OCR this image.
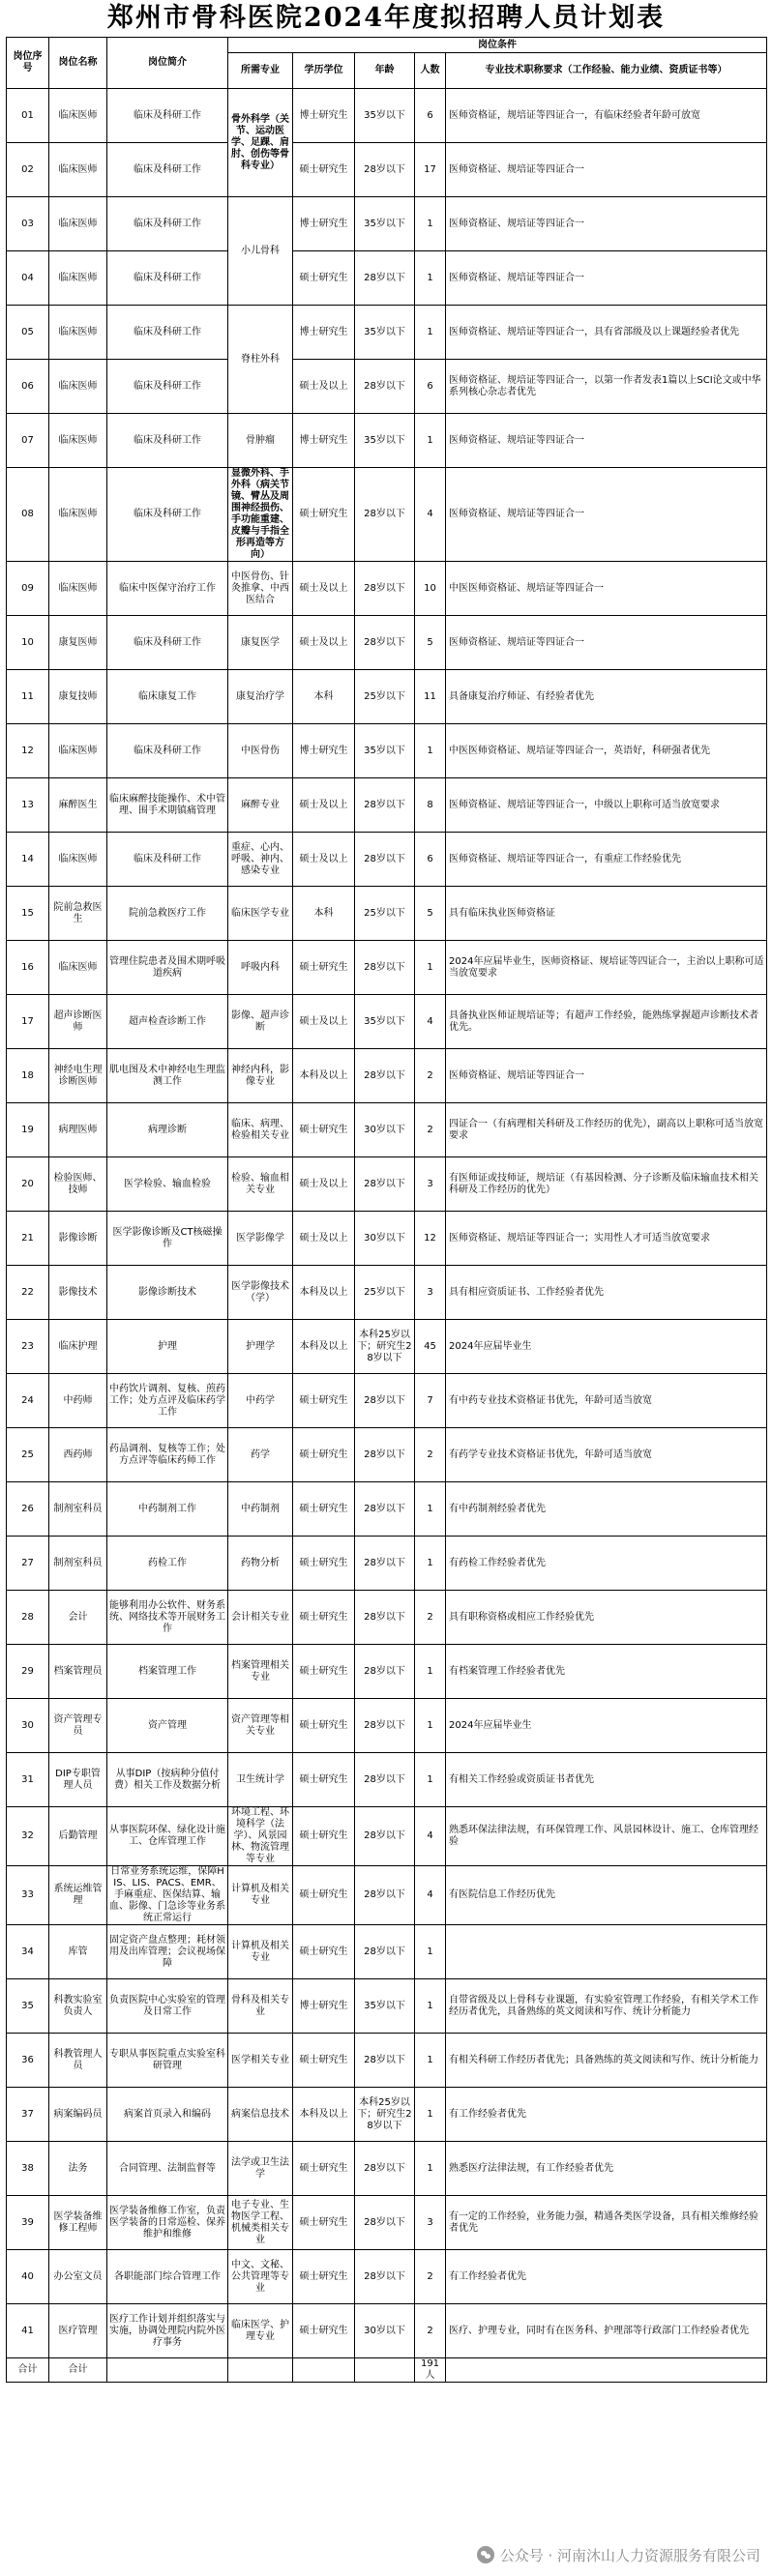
郑州市骨科医院2024年度拟招聘人员计划表
岗位序号	岗位名称	岗位简介	岗位条件				
			所需专业	学历学位	年龄	人数	专业技术职称要求（工作经验、能力业绩、资质证书等）
01	临床医师	临床及科研工作	骨外科学（关节、运动医学、足踝、肩肘、创伤等骨科专业）	博士研究生	35岁以下	6	医师资格证，规培证等四证合一，有临床经验者年龄可放宽
02	临床医师	临床及科研工作		硕士研究生	28岁以下	17	医师资格证、规培证等四证合一
03	临床医师	临床及科研工作	小儿骨科	博士研究生	35岁以下	1	医师资格证、规培证等四证合一
04	临床医师	临床及科研工作		硕士研究生	28岁以下	1	医师资格证、规培证等四证合一
05	临床医师	临床及科研工作	脊柱外科	博士研究生	35岁以下	1	医师资格证、规培证等四证合一，具有省部级及以上课题经验者优先
06	临床医师	临床及科研工作		硕士及以上	28岁以下	6	医师资格证、规培证等四证合一，以第一作者发表1篇以上SCI论文或中华系列核心杂志者优先
07	临床医师	临床及科研工作	骨肿瘤	博士研究生	35岁以下	1	医师资格证、规培证等四证合一
08	临床医师	临床及科研工作	显微外科、手外科（病关节镜、臂丛及周围神经损伤、手功能重建、皮瓣与手指全形再造等方向）	硕士研究生	28岁以下	4	医师资格证、规培证等四证合一
09	临床医师	临床中医保守治疗工作	中医骨伤、针灸推拿、中西医结合	硕士及以上	28岁以下	10	中医医师资格证、规培证等四证合一
10	康复医师	临床及科研工作	康复医学	硕士及以上	28岁以下	5	医师资格证、规培证等四证合一
11	康复技师	临床康复工作	康复治疗学	本科	25岁以下	11	具备康复治疗师证、有经验者优先
12	临床医师	临床及科研工作	中医骨伤	博士研究生	35岁以下	1	中医医师资格证、规培证等四证合一，英语好，科研强者优先
13	麻醉医生	临床麻醉技能操作、术中管理、围手术期镇痛管理	麻醉专业	硕士及以上	28岁以下	8	医师资格证、规培证等四证合一，中级以上职称可适当放宽要求
14	临床医师	临床及科研工作	重症、心内、呼吸、神内、感染专业	硕士及以上	28岁以下	6	医师资格证、规培证等四证合一，有重症工作经验优先
15	院前急救医生	院前急救医疗工作	临床医学专业	本科	25岁以下	5	具有临床执业医师资格证
16	临床医师	管理住院患者及围术期呼吸道疾病	呼吸内科	硕士研究生	28岁以下	1	2024年应届毕业生，医师资格证、规培证等四证合一，主治以上职称可适当放宽要求
17	超声诊断医师	超声检查诊断工作	影像、超声诊断	硕士及以上	35岁以下	4	具备执业医师证规培证等；有超声工作经验，能熟练掌握超声诊断技术者优先。
18	神经电生理诊断医师	肌电图及术中神经电生理监测工作	神经内科，影像专业	本科及以上	28岁以下	2	医师资格证、规培证等四证合一
19	病理医师	病理诊断	临床、病理、检验相关专业	硕士研究生	30岁以下	2	四证合一（有病理相关科研及工作经历的优先），副高以上职称可适当放宽要求
20	检验医师、技师	医学检验、输血检验	检验、输血相关专业	硕士及以上	28岁以下	3	有医师证或技师证，规培证（有基因检测、分子诊断及临床输血技术相关科研及工作经历的优先）
21	影像诊断	医学影像诊断及CT核磁操作	医学影像学	硕士及以上	30岁以下	12	医师资格证、规培证等四证合一；实用性人才可适当放宽要求
22	影像技术	影像诊断技术	医学影像技术（学）	本科及以上	25岁以下	3	具有相应资质证书、工作经验者优先
23	临床护理	护理	护理学	本科及以上	本科25岁以下；研究生28岁以下	45	2024年应届毕业生
24	中药师	中药饮片调剂、复核、煎药工作；处方点评及临床药学工作	中药学	硕士研究生	28岁以下	7	有中药专业技术资格证书优先，年龄可适当放宽
25	西药师	药品调剂、复核等工作；处方点评等临床药师工作	药学	硕士研究生	28岁以下	2	有药学专业技术资格证书优先，年龄可适当放宽
26	制剂室科员	中药制剂工作	中药制剂	硕士研究生	28岁以下	1	有中药制剂经验者优先
27	制剂室科员	药检工作	药物分析	硕士研究生	28岁以下	1	有药检工作经验者优先
28	会计	能够利用办公软件、财务系统、网络技术等开展财务工作	会计相关专业	硕士研究生	28岁以下	2	具有职称资格或相应工作经验优先
29	档案管理员	档案管理工作	档案管理相关专业	硕士研究生	28岁以下	1	有档案管理工作经验者优先
30	资产管理专员	资产管理	资产管理等相关专业	硕士研究生	28岁以下	1	2024年应届毕业生
31	DIP专职管理人员	从事DIP（按病种分值付费）相关工作及数据分析	卫生统计学	硕士研究生	28岁以下	1	有相关工作经验或资质证书者优先
32	后勤管理	从事医院环保、绿化设计施工、仓库管理工作	环境工程、环境科学（法学）、风景园林、物流管理等专业	硕士研究生	28岁以下	4	熟悉环保法律法规，有环保管理工作、风景园林设计、施工、仓库管理经验
33	系统运维管理	日常业务系统运维，保障HIS、LIS、PACS、EMR、手麻重症、医保结算、输血、影像、门急诊等业务系统正常运行	计算机及相关专业	硕士研究生	28岁以下	4	有医院信息工作经历优先
34	库管	固定资产盘点整理；耗材领用及出库管理；会议视场保障	计算机及相关专业	硕士研究生	28岁以下	1	
35	科教实验室负责人	负责医院中心实验室的管理及日常工作	骨科及相关专业	博士研究生	35岁以下	1	自带省级及以上骨科专业课题，有实验室管理工作经验，有相关学术工作经历者优先，具备熟练的英文阅读和写作、统计分析能力
36	科教管理人员	专职从事医院重点实验室科研管理	医学相关专业	硕士研究生	28岁以下	1	有相关科研工作经历者优先；具备熟练的英文阅读和写作、统计分析能力
37	病案编码员	病案首页录入和编码	病案信息技术	本科及以上	本科25岁以下；研究生28岁以下	1	有工作经验者优先
38	法务	合同管理、法制监督等	法学或卫生法学	硕士研究生	28岁以下	1	熟悉医疗法律法规，有工作经验者优先
39	医学装备维修工程师	医学装备维修工作室，负责医学装备的日常巡检、保养维护和维修	电子专业、生物医学工程、机械类相关专业	硕士研究生	28岁以下	3	有一定的工作经验，业务能力强，精通各类医学设备，具有相关维修经验者优先
40	办公室文员	各职能部门综合管理工作	中文、文秘、公共管理等专业	硕士研究生	28岁以下	2	有工作经验者优先
41	医疗管理	医疗工作计划并组织落实与实施，协调处理院内院外医疗事务	临床医学、护理专业	硕士研究生	30岁以下	2	医疗、护理专业，同时有在医务科、护理部等行政部门工作经验者优先
合计	合计					191人	
公众号 · 河南沐山人力资源服务有限公司
